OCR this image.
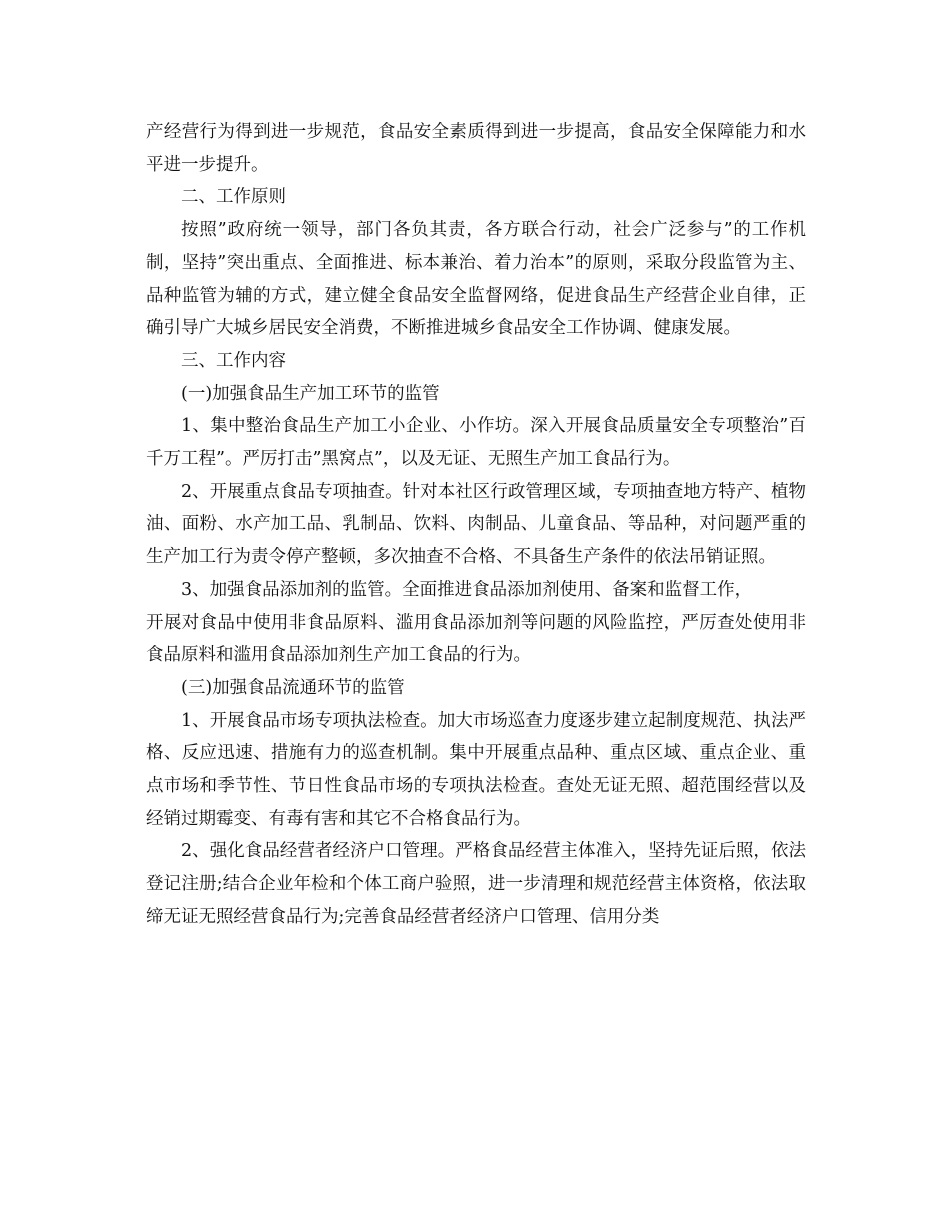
产经营行为得到进一步规范，食品安全素质得到进一步提高，食品安全保障能力和水平进一步提升。

二、工作原则

按照”政府统一领导，部门各负其责，各方联合行动，社会广泛参与”的工作机制，坚持”突出重点、全面推进、标本兼治、着力治本”的原则，采取分段监管为主、品种监管为辅的方式，建立健全食品安全监督网络，促进食品生产经营企业自律，正确引导广大城乡居民安全消费，不断推进城乡食品安全工作协调、健康发展。

三、工作内容

(一)加强食品生产加工环节的监管

1、集中整治食品生产加工小企业、小作坊。深入开展食品质量安全专项整治”百千万工程”。严厉打击”黑窝点”，以及无证、无照生产加工食品行为。

2、开展重点食品专项抽查。针对本社区行政管理区域，专项抽查地方特产、植物油、面粉、水产加工品、乳制品、饮料、肉制品、儿童食品、等品种，对问题严重的生产加工行为责令停产整顿，多次抽查不合格、不具备生产条件的依法吊销证照。

3、加强食品添加剂的监管。全面推进食品添加剂使用、备案和监督工作，

开展对食品中使用非食品原料、滥用食品添加剂等问题的风险监控，严厉查处使用非食品原料和滥用食品添加剂生产加工食品的行为。

(三)加强食品流通环节的监管

1、开展食品市场专项执法检查。加大市场巡查力度逐步建立起制度规范、执法严格、反应迅速、措施有力的巡查机制。集中开展重点品种、重点区域、重点企业、重点市场和季节性、节日性食品市场的专项执法检查。查处无证无照、超范围经营以及经销过期霉变、有毒有害和其它不合格食品行为。

2、强化食品经营者经济户口管理。严格食品经营主体准入，坚持先证后照，依法登记注册;结合企业年检和个体工商户验照，进一步清理和规范经营主体资格，依法取缔无证无照经营食品行为;完善食品经营者经济户口管理、信用分类
